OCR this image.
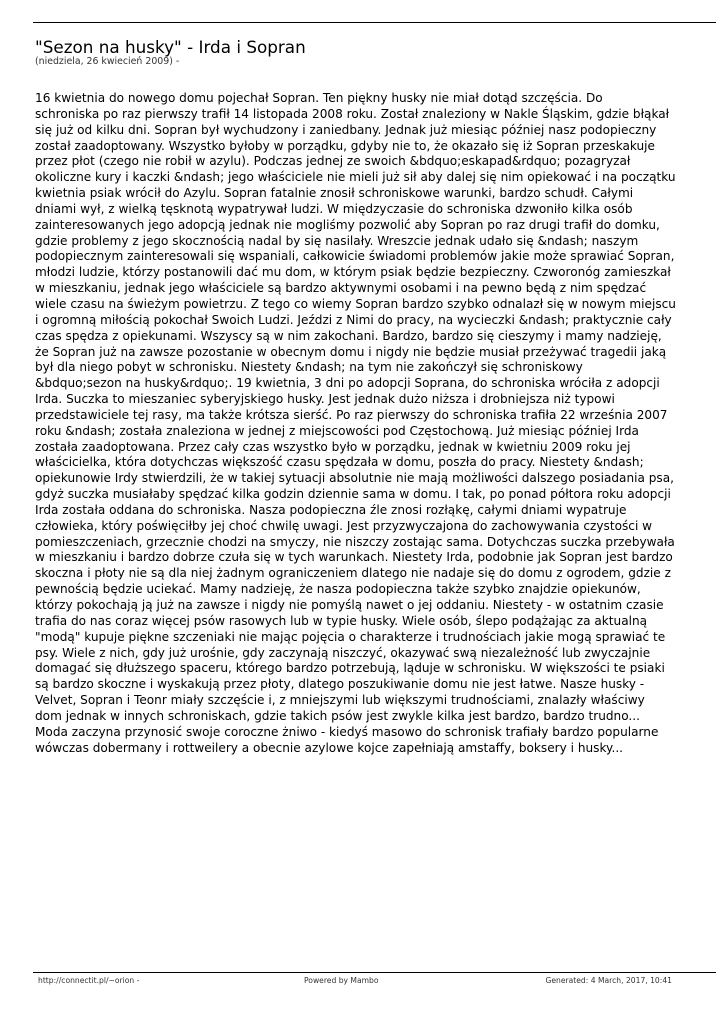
"Sezon na husky" - Irda i Sopran
(niedziela, 26 kwiecień 2009) -
16 kwietnia do nowego domu pojechał Sopran. Ten piękny husky nie miał dotąd szczęścia. Do
schroniska po raz pierwszy trafił 14 listopada 2008 roku. Został znaleziony w Nakle Śląskim, gdzie błąkał
się już od kilku dni. Sopran był wychudzony i zaniedbany. Jednak już miesiąc później nasz podopieczny
został zaadoptowany. Wszystko byłoby w porządku, gdyby nie to, że okazało się iż Sopran przeskakuje
przez płot (czego nie robił w azylu). Podczas jednej ze swoich &bdquo;eskapad&rdquo; pozagryzał
okoliczne kury i kaczki &ndash; jego właściciele nie mieli już sił aby dalej się nim opiekować i na początku
kwietnia psiak wrócił do Azylu. Sopran fatalnie znosił schroniskowe warunki, bardzo schudł. Całymi
dniami wył, z wielką tęsknotą wypatrywał ludzi. W międzyczasie do schroniska dzwoniło kilka osób
zainteresowanych jego adopcją jednak nie mogliśmy pozwolić aby Sopran po raz drugi trafił do domku,
gdzie problemy z jego skocznością nadal by się nasilały. Wreszcie jednak udało się &ndash; naszym
podopiecznym zainteresowali się wspaniali, całkowicie świadomi problemów jakie może sprawiać Sopran,
młodzi ludzie, którzy postanowili dać mu dom, w którym psiak będzie bezpieczny. Czworonóg zamieszkał
w mieszkaniu, jednak jego właściciele są bardzo aktywnymi osobami i na pewno będą z nim spędzać
wiele czasu na świeżym powietrzu. Z tego co wiemy Sopran bardzo szybko odnalazł się w nowym miejscu
i ogromną miłością pokochał Swoich Ludzi. Jeździ z Nimi do pracy, na wycieczki &ndash; praktycznie cały
czas spędza z opiekunami. Wszyscy są w nim zakochani. Bardzo, bardzo się cieszymy i mamy nadzieję,
że Sopran już na zawsze pozostanie w obecnym domu i nigdy nie będzie musiał przeżywać tragedii jaką
był dla niego pobyt w schronisku. Niestety &ndash; na tym nie zakończył się schroniskowy
&bdquo;sezon na husky&rdquo;. 19 kwietnia, 3 dni po adopcji Soprana, do schroniska wróciła z adopcji
Irda. Suczka to mieszaniec syberyjskiego husky. Jest jednak dużo niższa i drobniejsza niż typowi
przedstawiciele tej rasy, ma także krótsza sierść. Po raz pierwszy do schroniska trafiła 22 września 2007
roku &ndash; została znaleziona w jednej z miejscowości pod Częstochową. Już miesiąc później Irda
została zaadoptowana. Przez cały czas wszystko było w porządku, jednak w kwietniu 2009 roku jej
właścicielka, która dotychczas większość czasu spędzała w domu, poszła do pracy. Niestety &ndash;
opiekunowie Irdy stwierdzili, że w takiej sytuacji absolutnie nie mają możliwości dalszego posiadania psa,
gdyż suczka musiałaby spędzać kilka godzin dziennie sama w domu. I tak, po ponad półtora roku adopcji
Irda została oddana do schroniska. Nasza podopieczna źle znosi rozłąkę, całymi dniami wypatruje
człowieka, który poświęciłby jej choć chwilę uwagi. Jest przyzwyczajona do zachowywania czystości w
pomieszczeniach, grzecznie chodzi na smyczy, nie niszczy zostając sama. Dotychczas suczka przebywała
w mieszkaniu i bardzo dobrze czuła się w tych warunkach. Niestety Irda, podobnie jak Sopran jest bardzo
skoczna i płoty nie są dla niej żadnym ograniczeniem dlatego nie nadaje się do domu z ogrodem, gdzie z
pewnością będzie uciekać. Mamy nadzieję, że nasza podopieczna także szybko znajdzie opiekunów,
którzy pokochają ją już na zawsze i nigdy nie pomyślą nawet o jej oddaniu. Niestety - w ostatnim czasie
trafia do nas coraz więcej psów rasowych lub w typie husky. Wiele osób, ślepo podążając za aktualną
"modą" kupuje piękne szczeniaki nie mając pojęcia o charakterze i trudnościach jakie mogą sprawiać te
psy. Wiele z nich, gdy już urośnie, gdy zaczynają niszczyć, okazywać swą niezależność lub zwyczajnie
domagać się dłuższego spaceru, którego bardzo potrzebują, ląduje w schronisku. W większości te psiaki
są bardzo skoczne i wyskakują przez płoty, dlatego poszukiwanie domu nie jest łatwe. Nasze husky -
Velvet, Sopran i Teonr miały szczęście i, z mniejszymi lub większymi trudnościami, znalazły właściwy
dom jednak w innych schroniskach, gdzie takich psów jest zwykle kilka jest bardzo, bardzo trudno...
Moda zaczyna przynosić swoje coroczne żniwo - kiedyś masowo do schronisk trafiały bardzo popularne
wówczas dobermany i rottweilery a obecnie azylowe kojce zapełniają amstaffy, boksery i husky...
http://connectit.pl/~orion -	Powered by Mambo	Generated: 4 March, 2017, 10:41
